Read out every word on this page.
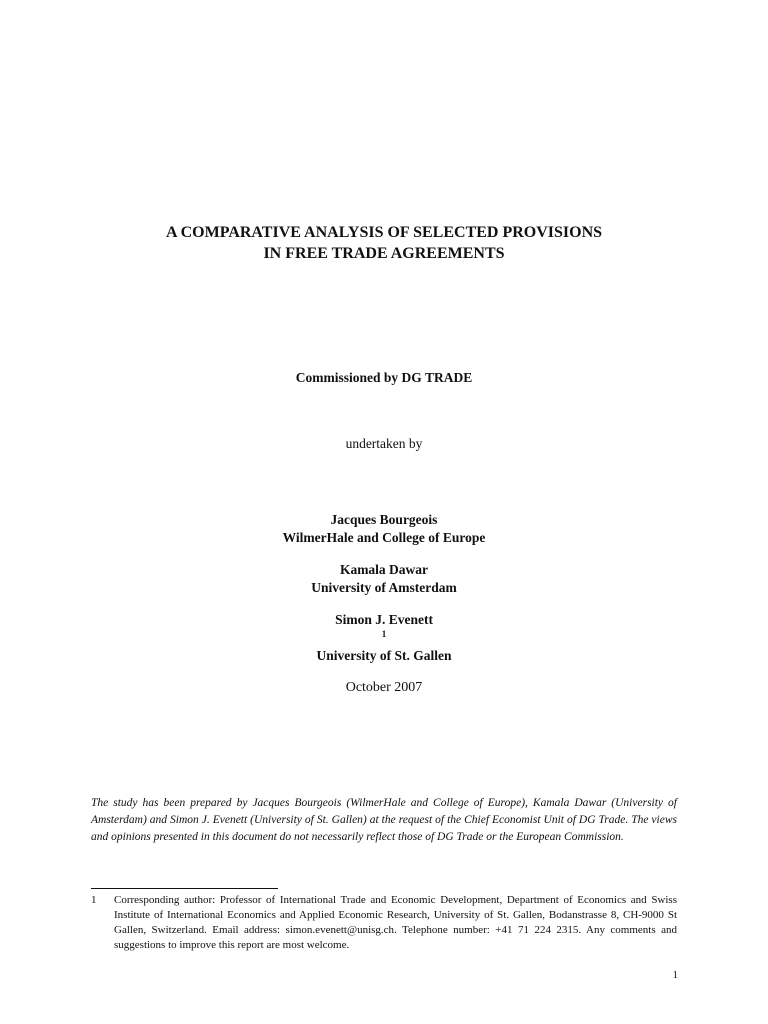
A COMPARATIVE ANALYSIS OF SELECTED PROVISIONS
IN FREE TRADE AGREEMENTS
Commissioned by DG TRADE
undertaken by
Jacques Bourgeois
WilmerHale and College of Europe
Kamala Dawar
University of Amsterdam
Simon J. Evenett
$^1$
University of St. Gallen
October 2007

The study has been prepared by Jacques Bourgeois (WilmerHale and College of Europe), Kamala Dawar (University of Amsterdam) and Simon J. Evenett (University of St. Gallen) at the request of the Chief Economist Unit of DG Trade. The views and opinions presented in this document do not necessarily reflect those of DG Trade or the European Commission.

1 Corresponding author: Professor of International Trade and Economic Development, Department of Economics and Swiss Institute of International Economics and Applied Economic Research, University of St. Gallen, Bodanstrasse 8, CH-9000 St Gallen, Switzerland. Email address: simon.evenett@unisg.ch. Telephone number: +41 71 224 2315. Any comments and suggestions to improve this report are most welcome.

1
